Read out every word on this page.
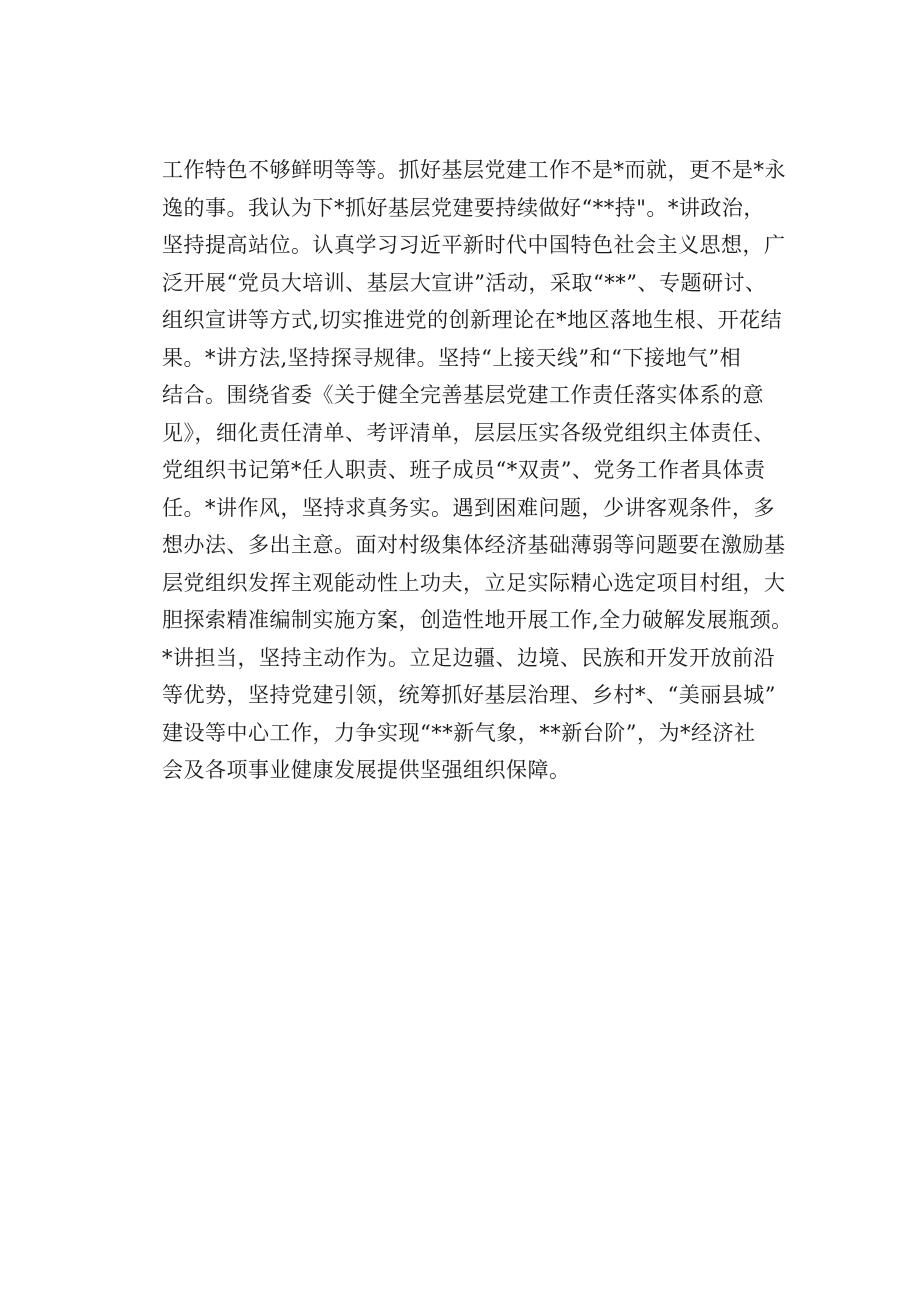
工作特色不够鲜明等等。抓好基层党建工作不是*而就，更不是*永
逸的事。我认为下*抓好基层党建要持续做好“**持"。*讲政治，
坚持提高站位。认真学习习近平新时代中国特色社会主义思想，广
泛开展“党员大培训、基层大宣讲”活动，采取“**”、专题研讨、
组织宣讲等方式,切实推进党的创新理论在*地区落地生根、开花结
果。*讲方法,坚持探寻规律。坚持“上接天线”和“下接地气”相
结合。围绕省委《关于健全完善基层党建工作责任落实体系的意
见》，细化责任清单、考评清单，层层压实各级党组织主体责任、
党组织书记第*任人职责、班子成员“*双责”、党务工作者具体责
任。*讲作风，坚持求真务实。遇到困难问题，少讲客观条件，多
想办法、多出主意。面对村级集体经济基础薄弱等问题要在激励基
层党组织发挥主观能动性上功夫，立足实际精心选定项目村组，大
胆探索精准编制实施方案，创造性地开展工作,全力破解发展瓶颈。
*讲担当，坚持主动作为。立足边疆、边境、民族和开发开放前沿
等优势，坚持党建引领，统筹抓好基层治理、乡村*、“美丽县城”
建设等中心工作，力争实现“**新气象，**新台阶”，为*经济社
会及各项事业健康发展提供坚强组织保障。
